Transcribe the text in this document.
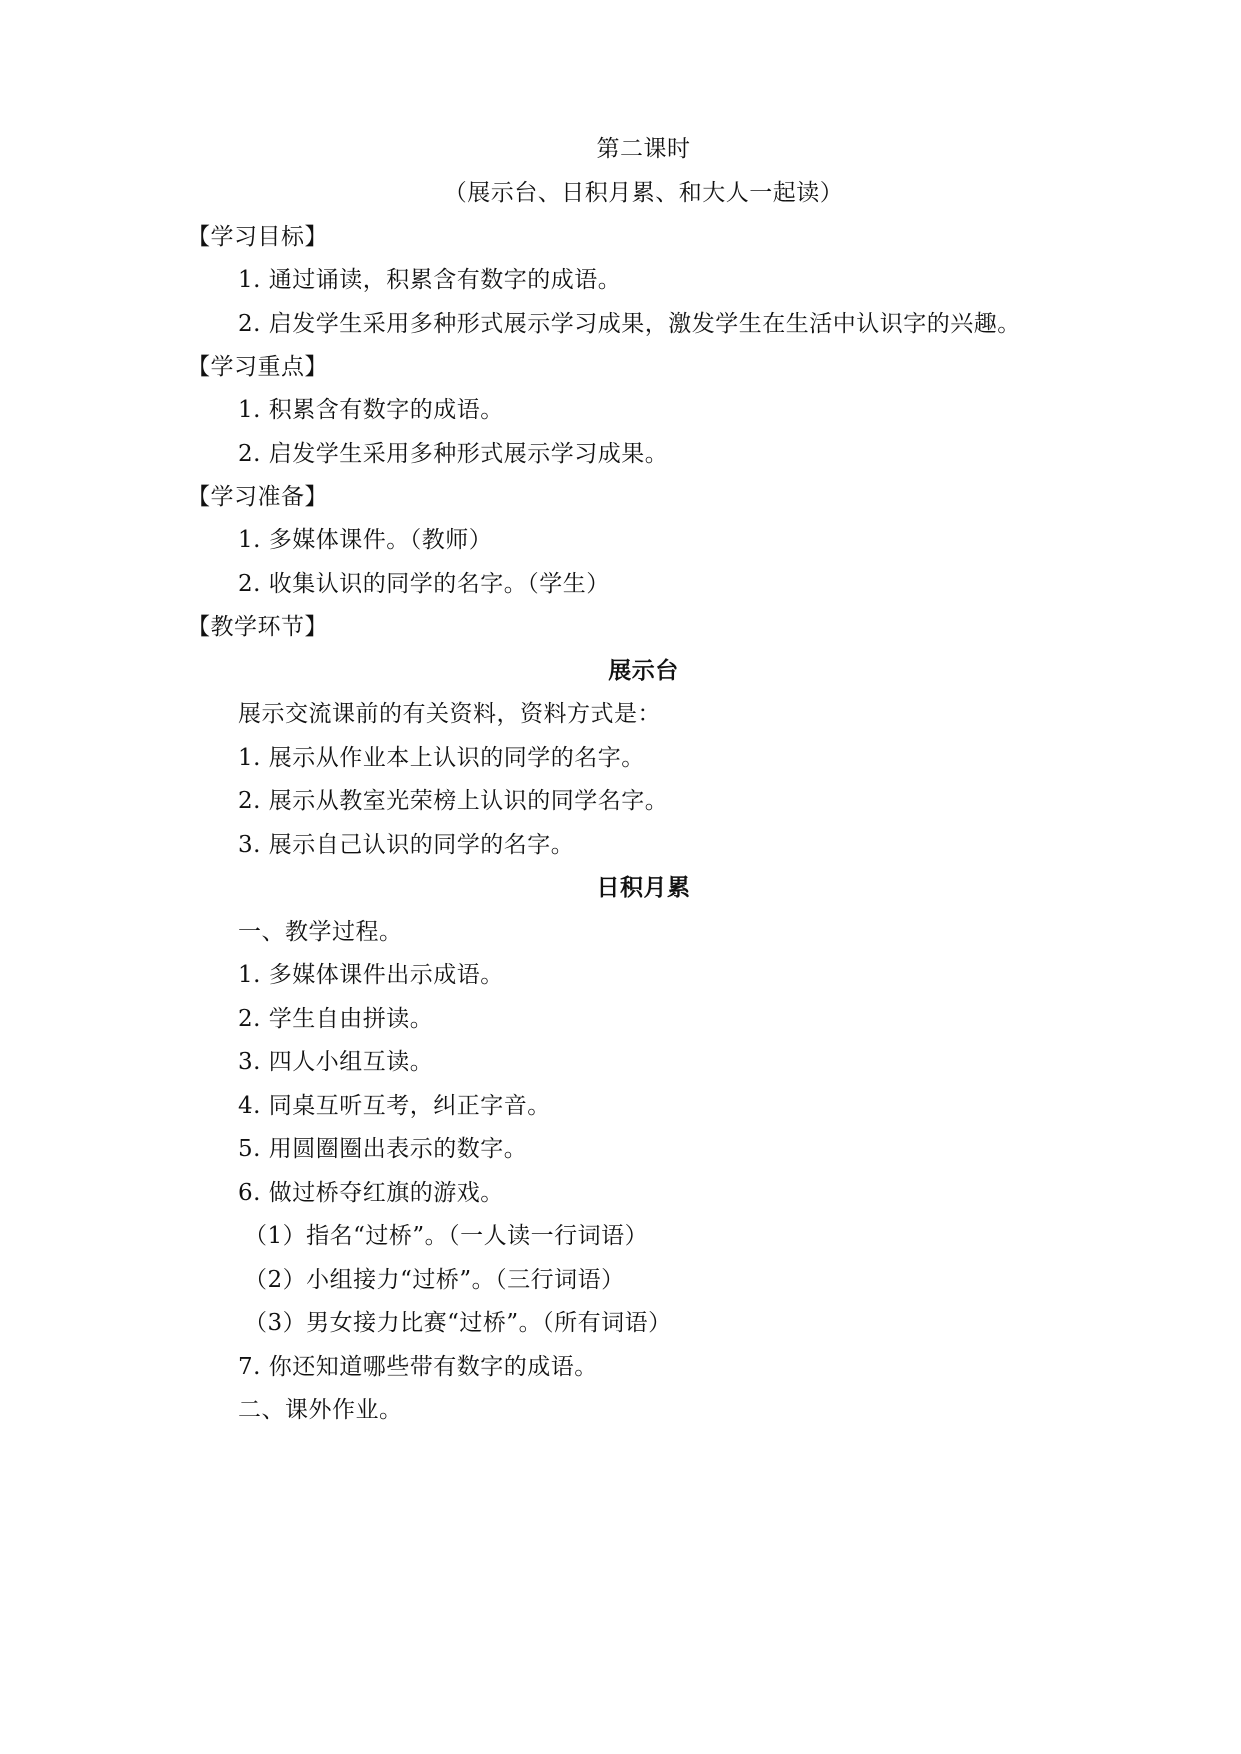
第二课时
（展示台、日积月累、和大人一起读）
【学习目标】
1. 通过诵读，积累含有数字的成语。
2. 启发学生采用多种形式展示学习成果，激发学生在生活中认识字的兴趣。
【学习重点】
1. 积累含有数字的成语。
2. 启发学生采用多种形式展示学习成果。
【学习准备】
1. 多媒体课件。（教师）
2. 收集认识的同学的名字。（学生）
【教学环节】
展示台
展示交流课前的有关资料，资料方式是：
1. 展示从作业本上认识的同学的名字。
2. 展示从教室光荣榜上认识的同学名字。
3. 展示自己认识的同学的名字。
日积月累
一、教学过程。
1. 多媒体课件出示成语。
2. 学生自由拼读。
3. 四人小组互读。
4. 同桌互听互考，纠正字音。
5. 用圆圈圈出表示的数字。
6. 做过桥夺红旗的游戏。
（1）指名“过桥”。（一人读一行词语）
（2）小组接力“过桥”。（三行词语）
（3）男女接力比赛“过桥”。（所有词语）
7. 你还知道哪些带有数字的成语。
二、课外作业。
